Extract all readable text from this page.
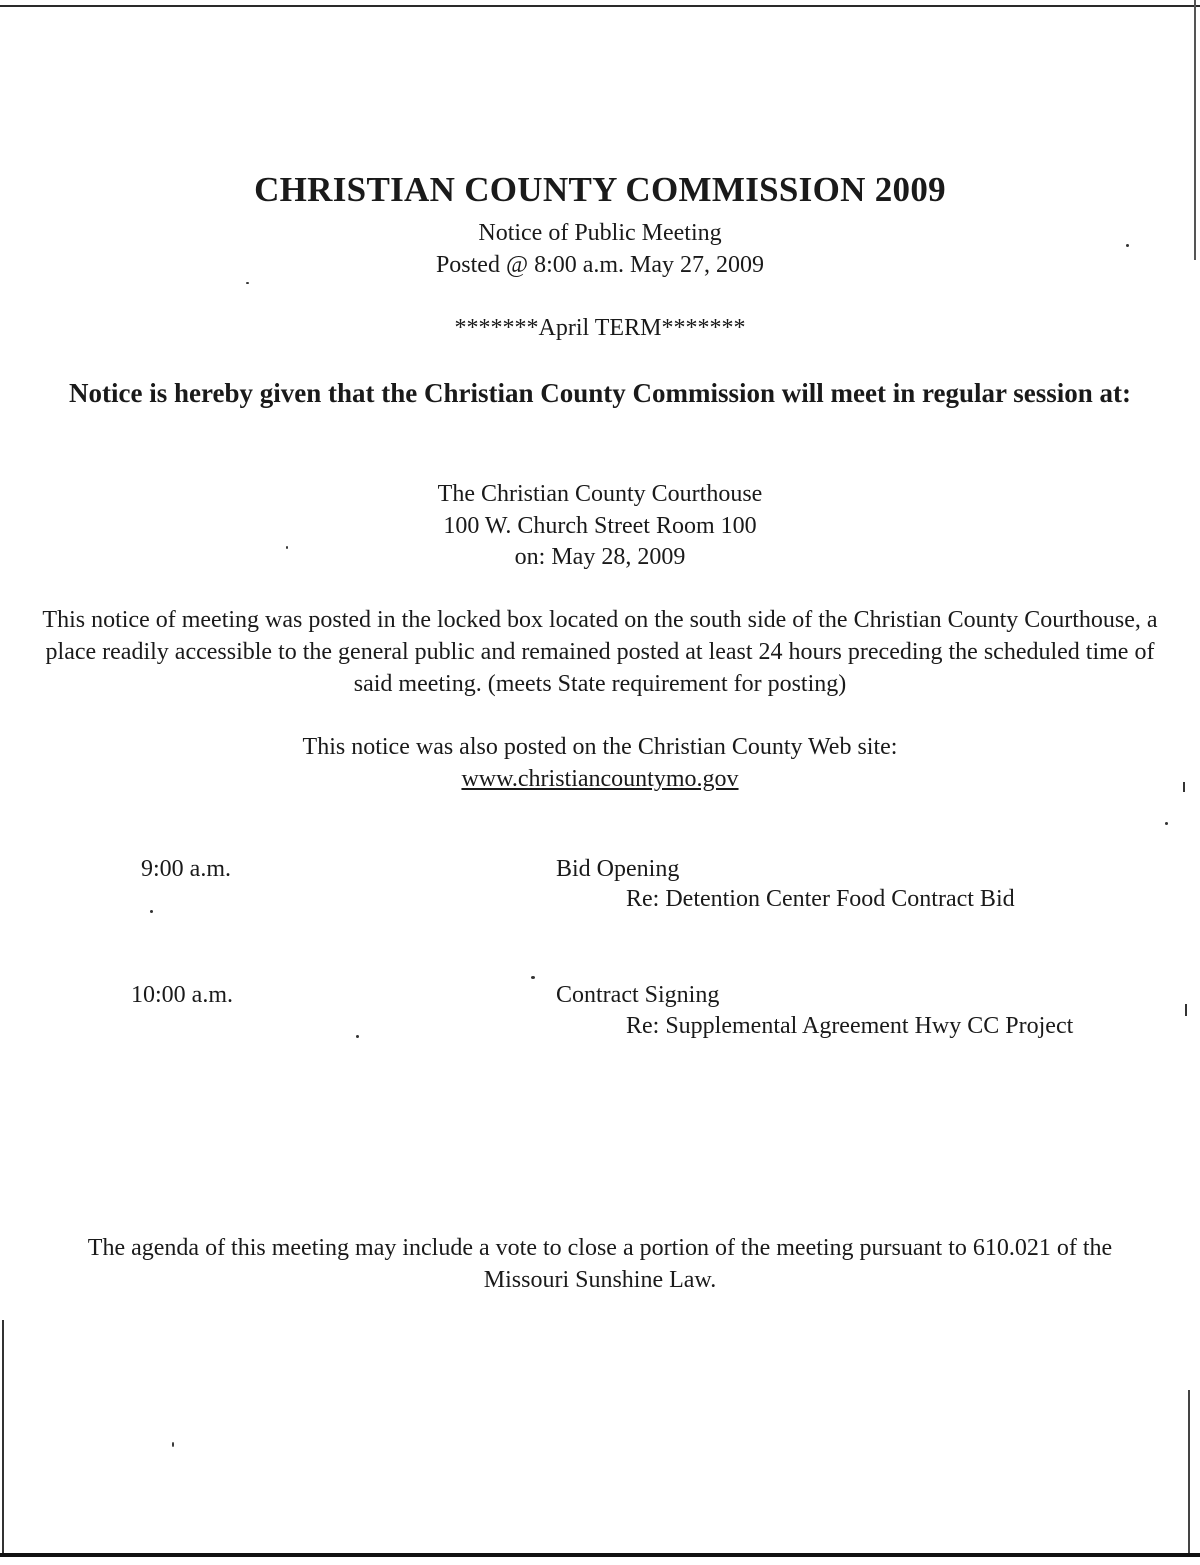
CHRISTIAN COUNTY COMMISSION 2009
Notice of Public Meeting
Posted @ 8:00 a.m. May 27, 2009
*******April TERM*******
Notice is hereby given that the Christian County Commission will meet in regular session at:
The Christian County Courthouse
100 W. Church Street Room 100
on: May 28, 2009
This notice of meeting was posted in the locked box located on the south side of the Christian County Courthouse, a place readily accessible to the general public and remained posted at least 24 hours preceding the scheduled time of said meeting. (meets State requirement for posting)
This notice was also posted on the Christian County Web site:
www.christiancountymo.gov
9:00 a.m.	Bid Opening
Re: Detention Center Food Contract Bid
10:00 a.m.	Contract Signing
Re: Supplemental Agreement Hwy CC Project
The agenda of this meeting may include a vote to close a portion of the meeting pursuant to 610.021 of the Missouri Sunshine Law.
